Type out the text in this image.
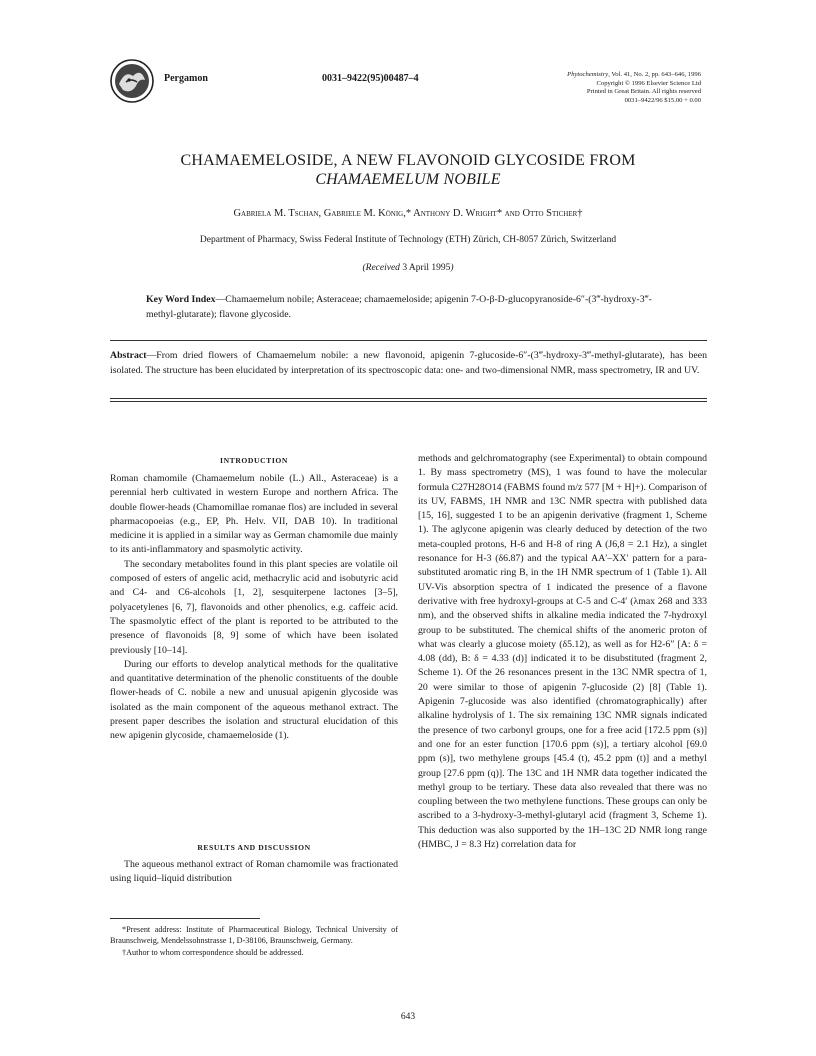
Pergamon	0031–9422(95)00487–4	Phytochemistry, Vol. 41, No. 2, pp. 643–646, 1996
Copyright © 1996 Elsevier Science Ltd
Printed in Great Britain. All rights reserved
0031–9422/96 $15.00 + 0.00
CHAMAEMELOSIDE, A NEW FLAVONOID GLYCOSIDE FROM
CHAMAEMELUM NOBILE
Gabriela M. Tschan, Gabriele M. König,* Anthony D. Wright* and Otto Sticher†
Department of Pharmacy, Swiss Federal Institute of Technology (ETH) Zürich, CH-8057 Zürich, Switzerland
(Received 3 April 1995)
Key Word Index—Chamaemelum nobile; Asteraceae; chamaemeloside; apigenin 7-O-β-D-glucopyranoside-6″-(3‴-hydroxy-3‴-methyl-glutarate); flavone glycoside.
Abstract—From dried flowers of Chamaemelum nobile: a new flavonoid, apigenin 7-glucoside-6″-(3‴-hydroxy-3‴-methyl-glutarate), has been isolated. The structure has been elucidated by interpretation of its spectroscopic data: one- and two-dimensional NMR, mass spectrometry, IR and UV.
INTRODUCTION

Roman chamomile (Chamaemelum nobile (L.) All., Asteraceae) is a perennial herb cultivated in western Europe and northern Africa. The double flower-heads (Chamomillae romanae flos) are included in several pharmacopoeias (e.g., EP, Ph. Helv. VII, DAB 10). In traditional medicine it is applied in a similar way as German chamomile due mainly to its anti-inflammatory and spasmolytic activity.

The secondary metabolites found in this plant species are volatile oil composed of esters of angelic acid, methacrylic acid and isobutyric acid and C4- and C6-alcohols [1, 2], sesquiterpene lactones [3–5], polyacetylenes [6, 7], flavonoids and other phenolics, e.g. caffeic acid. The spasmolytic effect of the plant is reported to be attributed to the presence of flavonoids [8, 9] some of which have been isolated previously [10–14].

During our efforts to develop analytical methods for the qualitative and quantitative determination of the phenolic constituents of the double flower-heads of C. nobile a new and unusual apigenin glycoside was isolated as the main component of the aqueous methanol extract. The present paper describes the isolation and structural elucidation of this new apigenin glycoside, chamaemeloside (1).

RESULTS AND DISCUSSION

The aqueous methanol extract of Roman chamomile was fractionated using liquid–liquid distribution

*Present address: Institute of Pharmaceutical Biology, Technical University of Braunschweig, Mendelssohnstrasse 1, D-38106, Braunschweig, Germany.

†Author to whom correspondence should be addressed.

methods and gelchromatography (see Experimental) to obtain compound 1. By mass spectrometry (MS), 1 was found to have the molecular formula C27H28O14 (FABMS found m/z 577 [M + H]+). Comparison of its UV, FABMS, 1H NMR and 13C NMR spectra with published data [15, 16], suggested 1 to be an apigenin derivative (fragment 1, Scheme 1). The aglycone apigenin was clearly deduced by detection of the two meta-coupled protons, H-6 and H-8 of ring A (J6,8 = 2.1 Hz), a singlet resonance for H-3 (δ6.87) and the typical AA′–XX′ pattern for a para-substituted aromatic ring B, in the 1H NMR spectrum of 1 (Table 1). All UV-Vis absorption spectra of 1 indicated the presence of a flavone derivative with free hydroxyl-groups at C-5 and C-4′ (λmax 268 and 333 nm), and the observed shifts in alkaline media indicated the 7-hydroxyl group to be substituted. The chemical shifts of the anomeric proton of what was clearly a glucose moiety (δ5.12), as well as for H2-6″ [A: δ = 4.08 (dd), B: δ = 4.33 (d)] indicated it to be disubstituted (fragment 2, Scheme 1). Of the 26 resonances present in the 13C NMR spectra of 1, 20 were similar to those of apigenin 7-glucoside (2) [8] (Table 1). Apigenin 7-glucoside was also identified (chromatographically) after alkaline hydrolysis of 1. The six remaining 13C NMR signals indicated the presence of two carbonyl groups, one for a free acid [172.5 ppm (s)] and one for an ester function [170.6 ppm (s)], a tertiary alcohol [69.0 ppm (s)], two methylene groups [45.4 (t), 45.2 ppm (t)] and a methyl group [27.6 ppm (q)]. The 13C and 1H NMR data together indicated the methyl group to be tertiary. These data also revealed that there was no coupling between the two methylene functions. These groups can only be ascribed to a 3-hydroxy-3-methyl-glutaryl acid (fragment 3, Scheme 1). This deduction was also supported by the 1H–13C 2D NMR long range (HMBC, J = 8.3 Hz) correlation data for

643
